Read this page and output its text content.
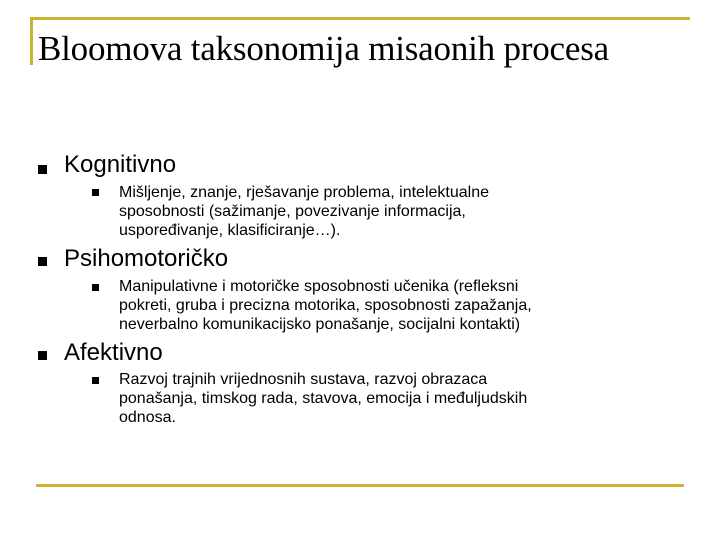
Bloomova taksonomija misaonih procesa
Kognitivno
Mišljenje, znanje, rješavanje problema, intelektualne
sposobnosti (sažimanje, povezivanje informacija,
uspoređivanje, klasificiranje…).
Psihomotoričko
Manipulativne i motoričke sposobnosti učenika (refleksni
pokreti, gruba i precizna motorika, sposobnosti zapažanja,
neverbalno komunikacijsko ponašanje, socijalni kontakti)
Afektivno
Razvoj trajnih vrijednosnih sustava, razvoj obrazaca
ponašanja, timskog rada, stavova, emocija i međuljudskih
odnosa.
